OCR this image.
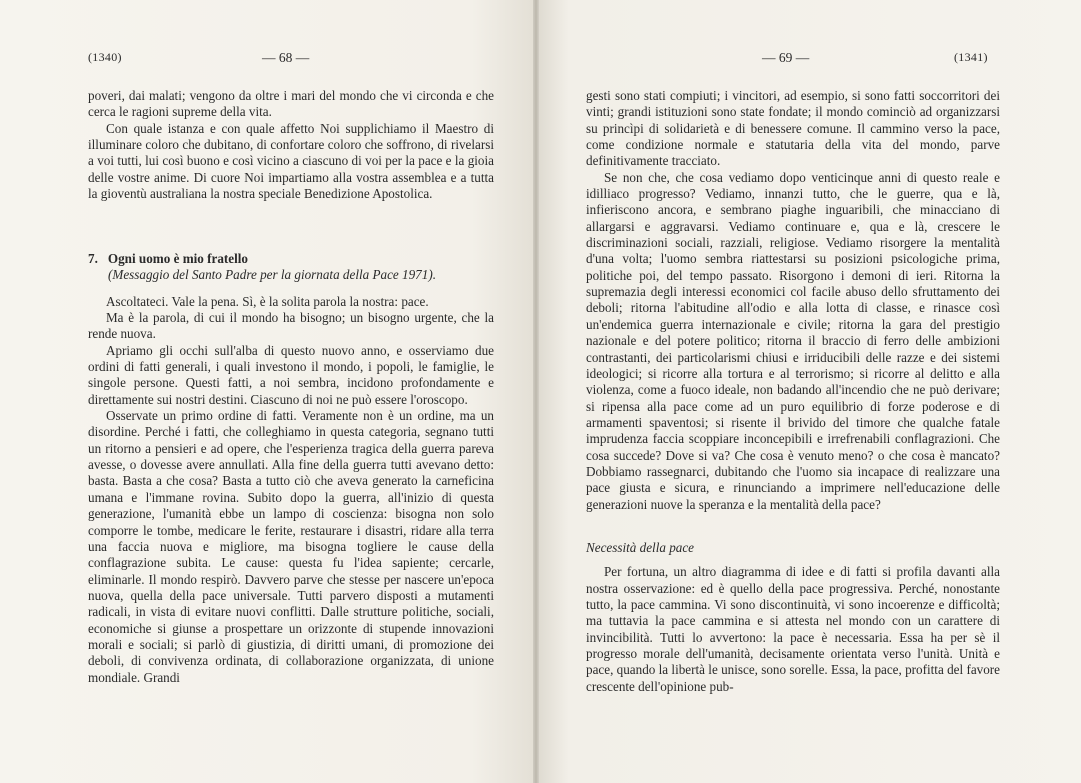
(1340)	— 68 —

poveri, dai malati; vengono da oltre i mari del mondo che vi circonda e che cerca le ragioni supreme della vita.

Con quale istanza e con quale affetto Noi supplichiamo il Maestro di illuminare coloro che dubitano, di confortare coloro che soffrono, di rivelarsi a voi tutti, lui così buono e così vicino a ciascuno di voi per la pace e la gioia delle vostre anime. Di cuore Noi impartiamo alla vostra assemblea e a tutta la gioventù australiana la nostra speciale Benedizione Apostolica.

7. Ogni uomo è mio fratello
(Messaggio del Santo Padre per la giornata della Pace 1971).

Ascoltateci. Vale la pena. Sì, è la solita parola la nostra: pace.

Ma è la parola, di cui il mondo ha bisogno; un bisogno urgente, che la rende nuova.

Apriamo gli occhi sull'alba di questo nuovo anno, e osserviamo due ordini di fatti generali, i quali investono il mondo, i popoli, le famiglie, le singole persone. Questi fatti, a noi sembra, incidono profondamente e direttamente sui nostri destini. Ciascuno di noi ne può essere l'oroscopo.

Osservate un primo ordine di fatti. Veramente non è un ordine, ma un disordine. Perché i fatti, che colleghiamo in questa categoria, segnano tutti un ritorno a pensieri e ad opere, che l'esperienza tragica della guerra pareva avesse, o dovesse avere annullati. Alla fine della guerra tutti avevano detto: basta. Basta a che cosa? Basta a tutto ciò che aveva generato la carneficina umana e l'immane rovina. Subito dopo la guerra, all'inizio di questa generazione, l'umanità ebbe un lampo di coscienza: bisogna non solo comporre le tombe, medicare le ferite, restaurare i disastri, ridare alla terra una faccia nuova e migliore, ma bisogna togliere le cause della conflagrazione subita. Le cause: questa fu l'idea sapiente; cercarle, eliminarle. Il mondo respirò. Davvero parve che stesse per nascere un'epoca nuova, quella della pace universale. Tutti parvero disposti a mutamenti radicali, in vista di evitare nuovi conflitti. Dalle strutture politiche, sociali, economiche si giunse a prospettare un orizzonte di stupende innovazioni morali e sociali; si parlò di giustizia, di diritti umani, di promozione dei deboli, di convivenza ordinata, di collaborazione organizzata, di unione mondiale. Grandi

— 69 —	(1341)

gesti sono stati compiuti; i vincitori, ad esempio, si sono fatti soccorritori dei vinti; grandi istituzioni sono state fondate; il mondo cominciò ad organizzarsi su princìpi di solidarietà e di benessere comune. Il cammino verso la pace, come condizione normale e statutaria della vita del mondo, parve definitivamente tracciato.

Se non che, che cosa vediamo dopo venticinque anni di questo reale e idilliaco progresso? Vediamo, innanzi tutto, che le guerre, qua e là, infieriscono ancora, e sembrano piaghe inguaribili, che minacciano di allargarsi e aggravarsi. Vediamo continuare e, qua e là, crescere le discriminazioni sociali, razziali, religiose. Vediamo risorgere la mentalità d'una volta; l'uomo sembra riattestarsi su posizioni psicologiche prima, politiche poi, del tempo passato. Risorgono i demoni di ieri. Ritorna la supremazia degli interessi economici col facile abuso dello sfruttamento dei deboli; ritorna l'abitudine all'odio e alla lotta di classe, e rinasce così un'endemica guerra internazionale e civile; ritorna la gara del prestigio nazionale e del potere politico; ritorna il braccio di ferro delle ambizioni contrastanti, dei particolarismi chiusi e irriducibili delle razze e dei sistemi ideologici; si ricorre alla tortura e al terrorismo; si ricorre al delitto e alla violenza, come a fuoco ideale, non badando all'incendio che ne può derivare; si ripensa alla pace come ad un puro equilibrio di forze poderose e di armamenti spaventosi; si risente il brivido del timore che qualche fatale imprudenza faccia scoppiare inconcepibili e irrefrenabili conflagrazioni. Che cosa succede? Dove si va? Che cosa è venuto meno? o che cosa è mancato? Dobbiamo rassegnarci, dubitando che l'uomo sia incapace di realizzare una pace giusta e sicura, e rinunciando a imprimere nell'educazione delle generazioni nuove la speranza e la mentalità della pace?

Necessità della pace

Per fortuna, un altro diagramma di idee e di fatti si profila davanti alla nostra osservazione: ed è quello della pace progressiva. Perché, nonostante tutto, la pace cammina. Vi sono discontinuità, vi sono incoerenze e difficoltà; ma tuttavia la pace cammina e si attesta nel mondo con un carattere di invincibilità. Tutti lo avvertono: la pace è necessaria. Essa ha per sè il progresso morale dell'umanità, decisamente orientata verso l'unità. Unità e pace, quando la libertà le unisce, sono sorelle. Essa, la pace, profitta del favore crescente dell'opinione pub-
